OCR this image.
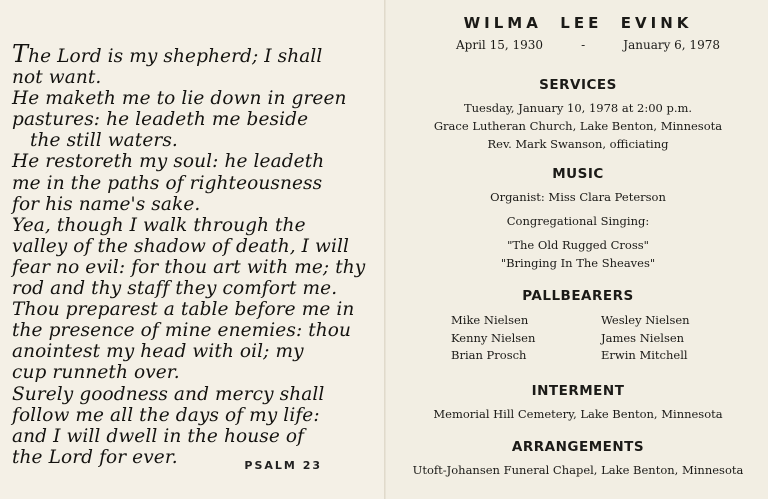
The Lord is my shepherd; I shall
not want.
He maketh me to lie down in green
pastures: he leadeth me beside
the still waters.
He restoreth my soul: he leadeth
me in the paths of righteousness
for his name's sake.
Yea, though I walk through the
valley of the shadow of death, I will
fear no evil: for thou art with me; thy
rod and thy staff they comfort me.
Thou preparest a table before me in
the presence of mine enemies: thou
anointest my head with oil; my
cup runneth over.
Surely goodness and mercy shall
follow me all the days of my life:
and I will dwell in the house of
the Lord for ever.	PSALM 23
WILMA  LEE  EVINK
April 15, 1930	-	January 6, 1978
SERVICES
Tuesday, January 10, 1978 at 2:00 p.m.
Grace Lutheran Church, Lake Benton, Minnesota
Rev. Mark Swanson, officiating
MUSIC
Organist: Miss Clara Peterson
Congregational Singing:
"The Old Rugged Cross"
"Bringing In The Sheaves"
PALLBEARERS
Mike Nielsen	Wesley Nielsen
Kenny Nielsen	James Nielsen
Brian Prosch	Erwin Mitchell
INTERMENT
Memorial Hill Cemetery, Lake Benton, Minnesota
ARRANGEMENTS
Utoft-Johansen Funeral Chapel, Lake Benton, Minnesota
